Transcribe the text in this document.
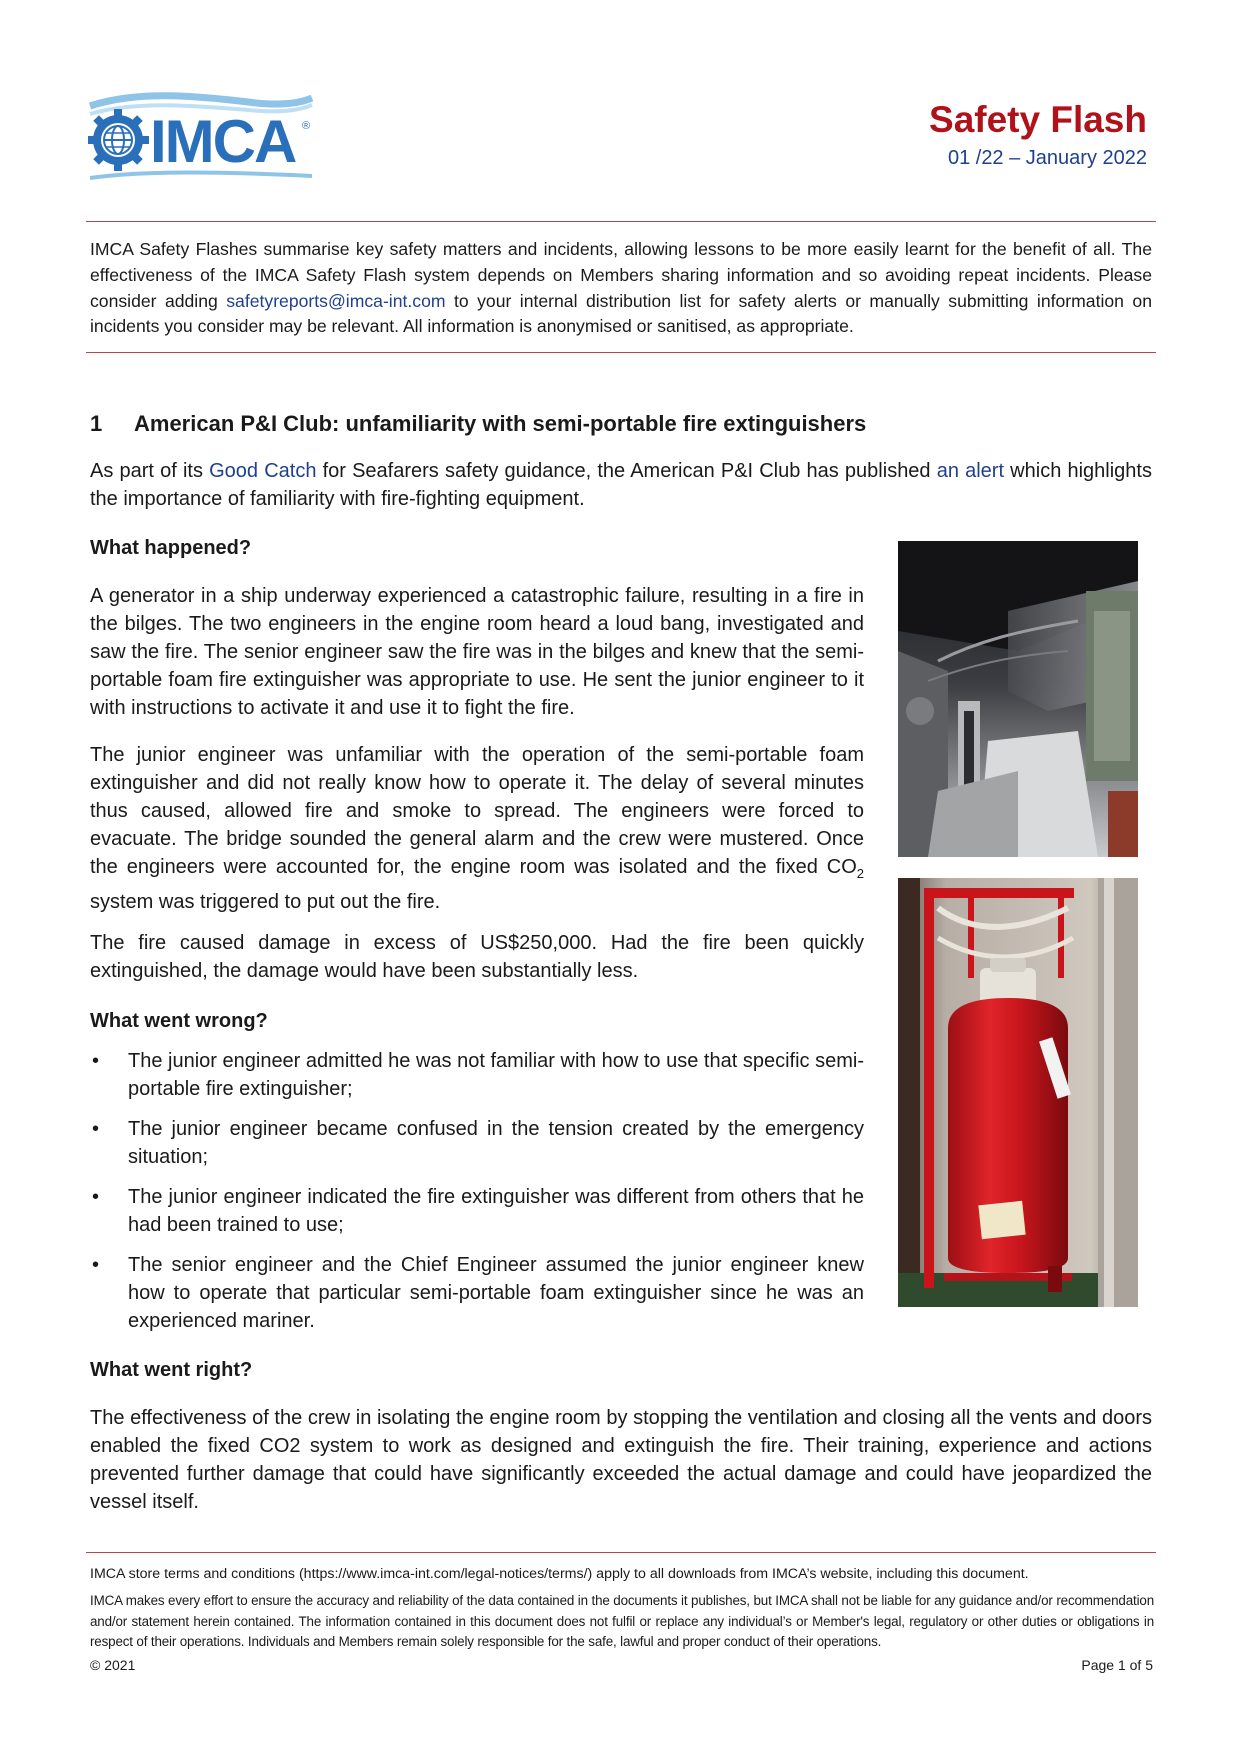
IMCA ®	Safety Flash
01 /22 – January 2022
IMCA Safety Flashes summarise key safety matters and incidents, allowing lessons to be more easily learnt for the benefit of all. The effectiveness of the IMCA Safety Flash system depends on Members sharing information and so avoiding repeat incidents. Please consider adding safetyreports@imca-int.com to your internal distribution list for safety alerts or manually submitting information on incidents you consider may be relevant. All information is anonymised or sanitised, as appropriate.
1 American P&I Club: unfamiliarity with semi-portable fire extinguishers
As part of its Good Catch for Seafarers safety guidance, the American P&I Club has published an alert which highlights the importance of familiarity with fire-fighting equipment.
What happened?
A generator in a ship underway experienced a catastrophic failure, resulting in a fire in the bilges. The two engineers in the engine room heard a loud bang, investigated and saw the fire. The senior engineer saw the fire was in the bilges and knew that the semi-portable foam fire extinguisher was appropriate to use. He sent the junior engineer to it with instructions to activate it and use it to fight the fire.
The junior engineer was unfamiliar with the operation of the semi-portable foam extinguisher and did not really know how to operate it. The delay of several minutes thus caused, allowed fire and smoke to spread. The engineers were forced to evacuate. The bridge sounded the general alarm and the crew were mustered. Once the engineers were accounted for, the engine room was isolated and the fixed $CO_2$ system was triggered to put out the fire.
The fire caused damage in excess of US$250,000. Had the fire been quickly extinguished, the damage would have been substantially less.
What went wrong?
• The junior engineer admitted he was not familiar with how to use that specific semi-portable fire extinguisher;
• The junior engineer became confused in the tension created by the emergency situation;
• The junior engineer indicated the fire extinguisher was different from others that he had been trained to use;
• The senior engineer and the Chief Engineer assumed the junior engineer knew how to operate that particular semi-portable foam extinguisher since he was an experienced mariner.
What went right?
The effectiveness of the crew in isolating the engine room by stopping the ventilation and closing all the vents and doors enabled the fixed CO2 system to work as designed and extinguish the fire. Their training, experience and actions prevented further damage that could have significantly exceeded the actual damage and could have jeopardized the vessel itself.
IMCA store terms and conditions (https://www.imca-int.com/legal-notices/terms/) apply to all downloads from IMCA’s website, including this document.
IMCA makes every effort to ensure the accuracy and reliability of the data contained in the documents it publishes, but IMCA shall not be liable for any guidance and/or recommendation and/or statement herein contained. The information contained in this document does not fulfil or replace any individual’s or Member's legal, regulatory or other duties or obligations in respect of their operations. Individuals and Members remain solely responsible for the safe, lawful and proper conduct of their operations.
© 2021	Page 1 of 5
